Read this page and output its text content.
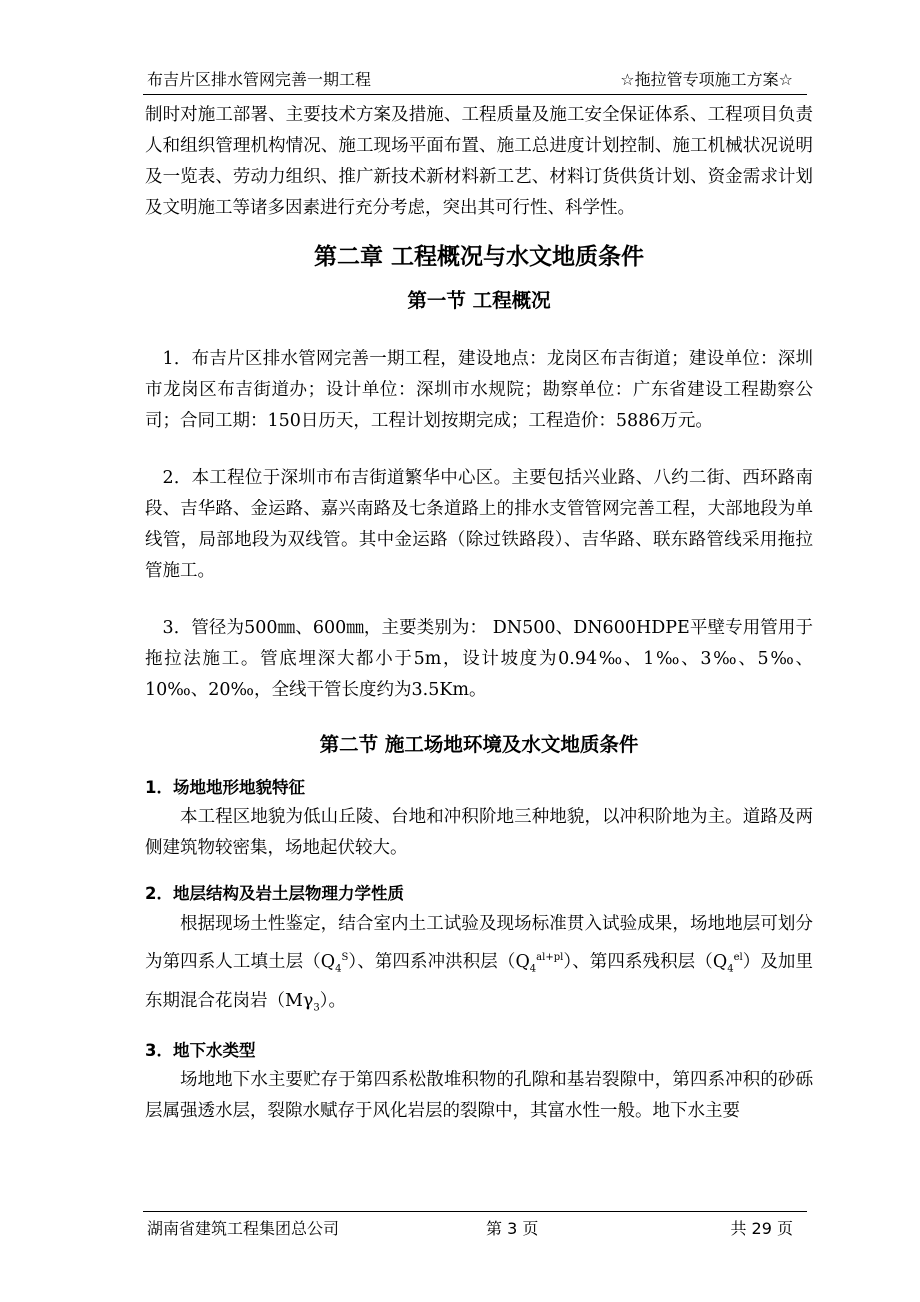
布吉片区排水管网完善一期工程	☆拖拉管专项施工方案☆

制时对施工部署、主要技术方案及措施、工程质量及施工安全保证体系、工程项目负责人和组织管理机构情况、施工现场平面布置、施工总进度计划控制、施工机械状况说明及一览表、劳动力组织、推广新技术新材料新工艺、材料订货供货计划、资金需求计划及文明施工等诸多因素进行充分考虑，突出其可行性、科学性。

第二章 工程概况与水文地质条件
第一节 工程概况

1．布吉片区排水管网完善一期工程，建设地点：龙岗区布吉街道；建设单位：深圳市龙岗区布吉街道办；设计单位：深圳市水规院；勘察单位：广东省建设工程勘察公司；合同工期：150日历天，工程计划按期完成；工程造价：5886万元。

2．本工程位于深圳市布吉街道繁华中心区。主要包括兴业路、八约二街、西环路南段、吉华路、金运路、嘉兴南路及七条道路上的排水支管管网完善工程，大部地段为单线管，局部地段为双线管。其中金运路（除过铁路段）、吉华路、联东路管线采用拖拉管施工。

3．管径为500㎜、600㎜，主要类别为： DN500、DN600HDPE平壁专用管用于拖拉法施工。管底埋深大都小于5m，设计坡度为0.94‰、1‰、3‰、5‰、10‰、20‰，全线干管长度约为3.5Km。

第二节 施工场地环境及水文地质条件
1．场地地形地貌特征

本工程区地貌为低山丘陵、台地和冲积阶地三种地貌，以冲积阶地为主。道路及两侧建筑物较密集，场地起伏较大。

2．地层结构及岩土层物理力学性质

根据现场土性鉴定，结合室内土工试验及现场标准贯入试验成果，场地地层可划分为第四系人工填土层$(Q_4^S)$、第四系冲洪积层$(Q_4^{al+pl})$、第四系残积层$(Q_4^{el})$及加里东期混合花岗岩$(M\gamma_3)$。

3．地下水类型

场地地下水主要贮存于第四系松散堆积物的孔隙和基岩裂隙中，第四系冲积的砂砾层属强透水层，裂隙水赋存于风化岩层的裂隙中，其富水性一般。地下水主要

湖南省建筑工程集团总公司	第 3 页	共 29 页
